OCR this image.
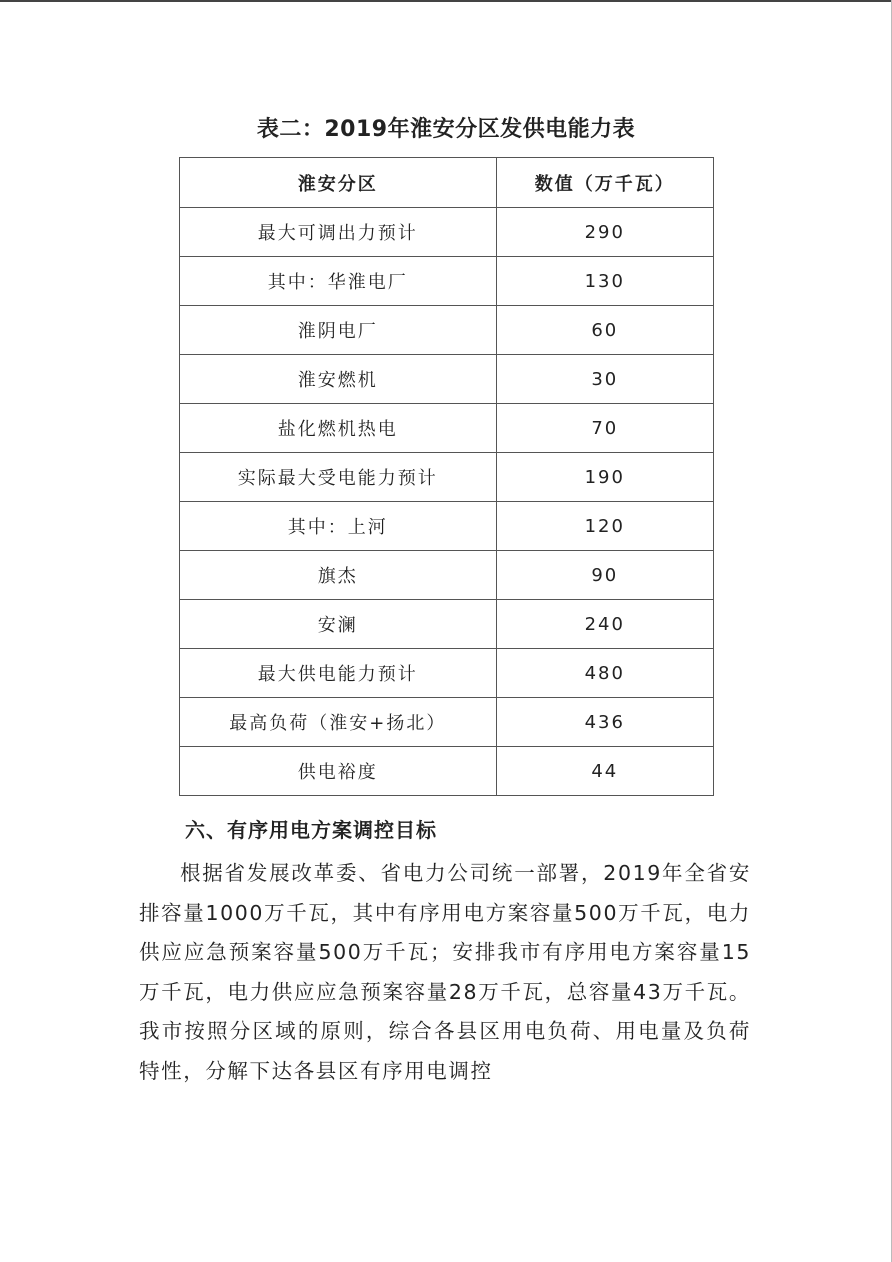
表二：2019年淮安分区发供电能力表
淮安分区	数值（万千瓦）
最大可调出力预计	290
其中：华淮电厂	130
淮阴电厂	60
淮安燃机	30
盐化燃机热电	70
实际最大受电能力预计	190
其中：上河	120
旗杰	90
安澜	240
最大供电能力预计	480
最高负荷（淮安+扬北）	436
供电裕度	44
六、有序用电方案调控目标

根据省发展改革委、省电力公司统一部署，2019年全省安排容量1000万千瓦，其中有序用电方案容量500万千瓦，电力供应应急预案容量500万千瓦；安排我市有序用电方案容量15万千瓦，电力供应应急预案容量28万千瓦，总容量43万千瓦。我市按照分区域的原则，综合各县区用电负荷、用电量及负荷特性，分解下达各县区有序用电调控
